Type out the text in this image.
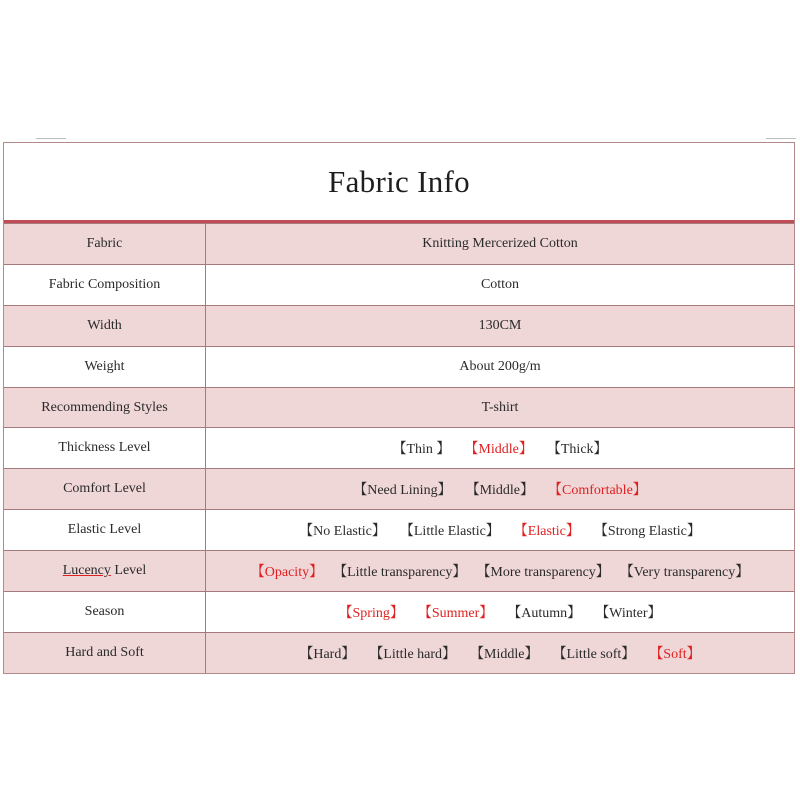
Fabric Info
Fabric	Knitting Mercerized Cotton
Fabric Composition	Cotton
Width	130CM
Weight	About 200g/m
Recommending Styles	T-shirt
Thickness Level	【Thin 】 【Middle】 【Thick】
Comfort Level	【Need Lining】 【Middle】 【Comfortable】
Elastic Level	【No Elastic】 【Little Elastic】 【Elastic】 【Strong Elastic】
Lucency Level	【Opacity】 【Little transparency】 【More transparency】 【Very transparency】
Season	【Spring】 【Summer】 【Autumn】 【Winter】
Hard and Soft	【Hard】 【Little hard】 【Middle】 【Little soft】 【Soft】
